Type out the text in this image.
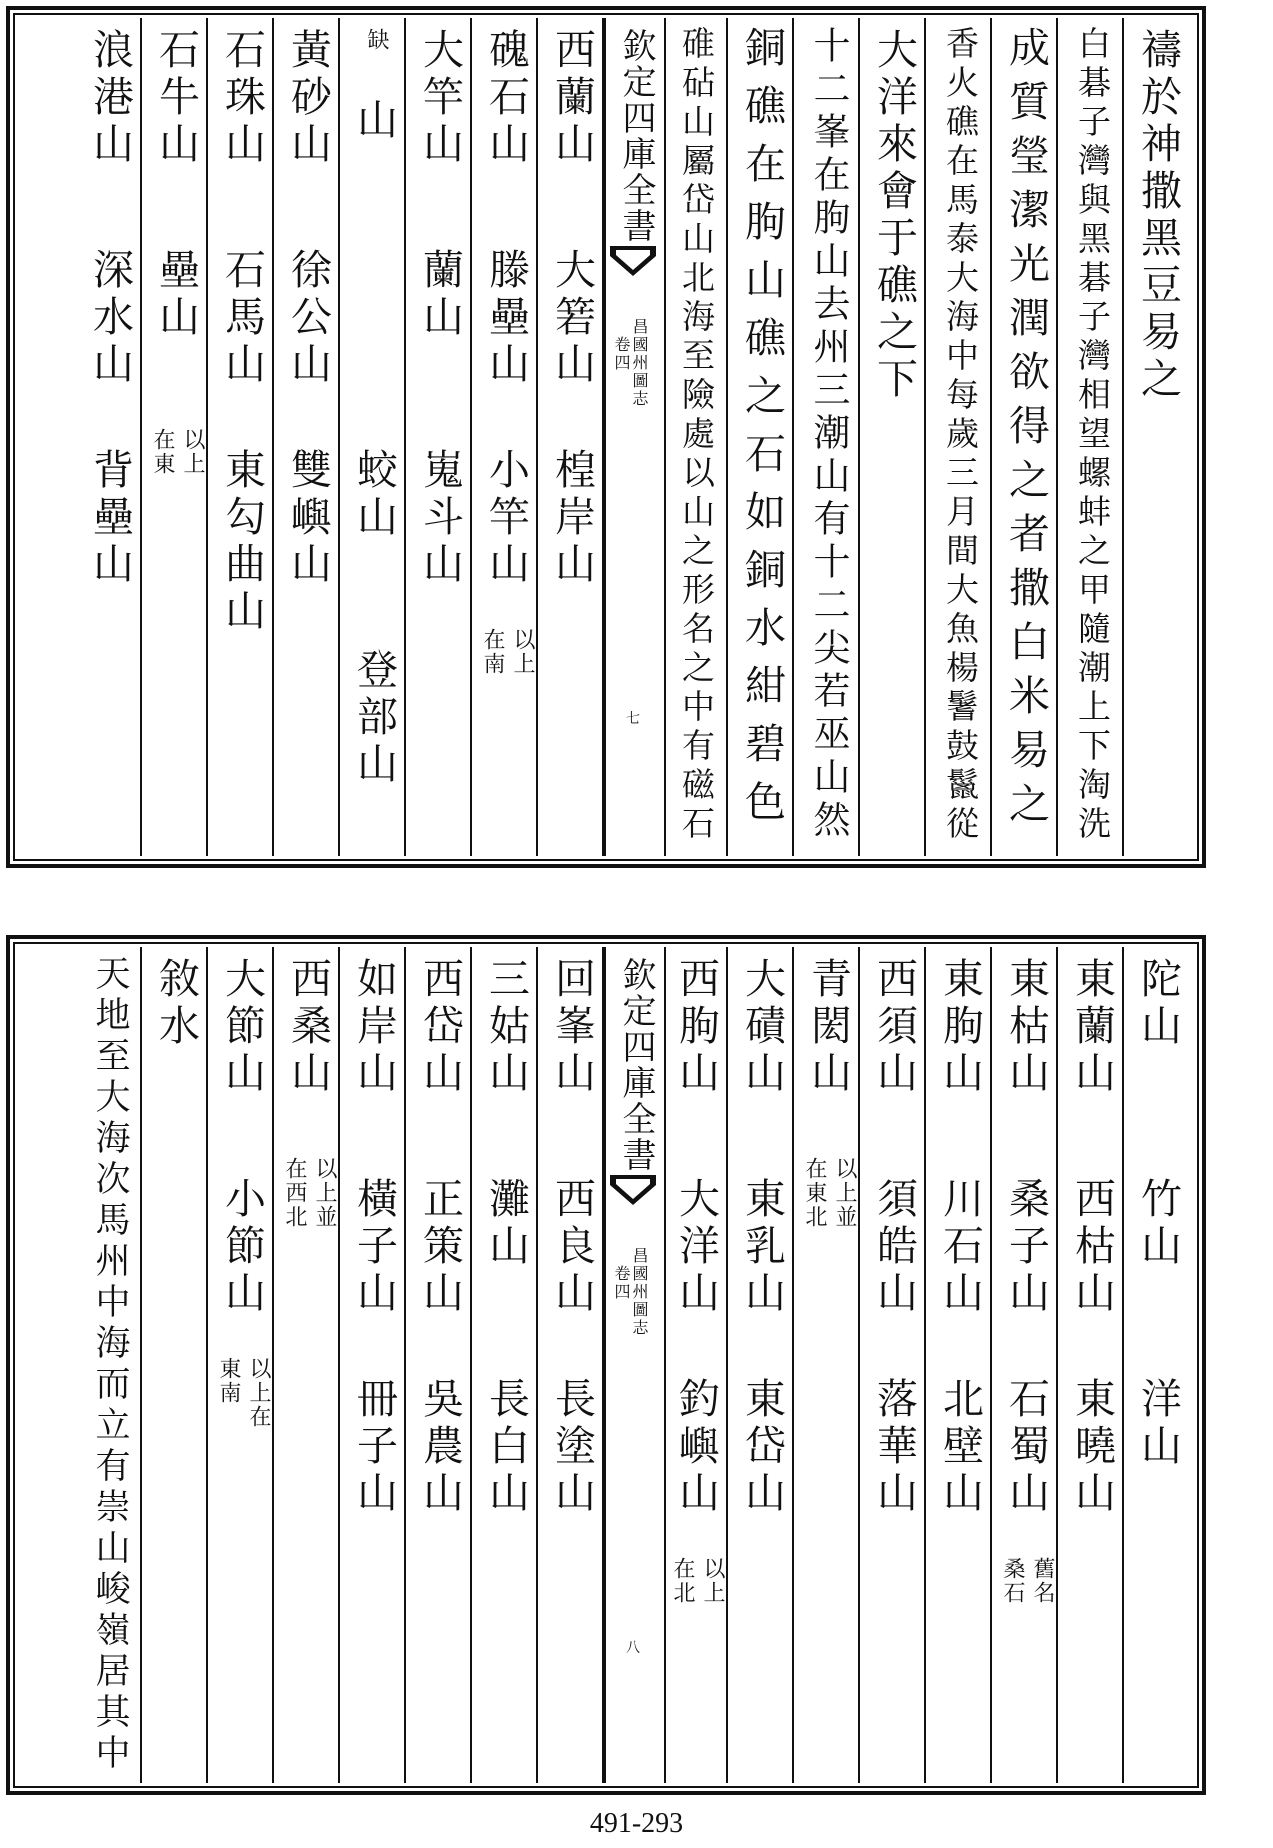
禱於神撒黑豆易之
白碁子灣與黑碁子灣相望螺蚌之甲隨潮上下淘洗
成質瑩潔光潤欲得之者撒白米易之
香火礁在馬泰大海中每歲三月間大魚楊鬐鼓鬣從
大洋來會于礁之下
十二峯在朐山去州三潮山有十二尖若巫山然
銅礁在朐山礁之石如銅水紺碧色
碓砧山屬岱山北海至險處以山之形名之中有磁石
欽定四庫全書
昌國州圖志
卷四
七
西蘭山
大箬山
楻岸山
磈石山
滕壘山
小竿山
以上
在南
大竿山
蘭山
嵬斗山
缺
山
蛟山
登部山
黃砂山
徐公山
雙嶼山
石珠山
石馬山
東勾曲山
石牛山
壘山
以上
在東
浪港山
深水山
背壘山
陀山
竹山
洋山
東蘭山
西枯山
東曉山
東枯山
桑子山
石蜀山
舊名
桑石
東朐山
川石山
北壁山
西須山
須皓山
落華山
青閎山
以上並
在東北
大磧山
東乳山
東岱山
西朐山
大洋山
釣嶼山
以上
在北
欽定四庫全書
昌國州圖志
卷四
八
回峯山
西良山
長塗山
三姑山
灘山
長白山
西岱山
正策山
吳農山
如岸山
橫子山
冊子山
西桑山
以上並
在西北
大節山
小節山
以上在
東南
敘水
天地至大海次馬州中海而立有崇山峻嶺居其中
491-293
